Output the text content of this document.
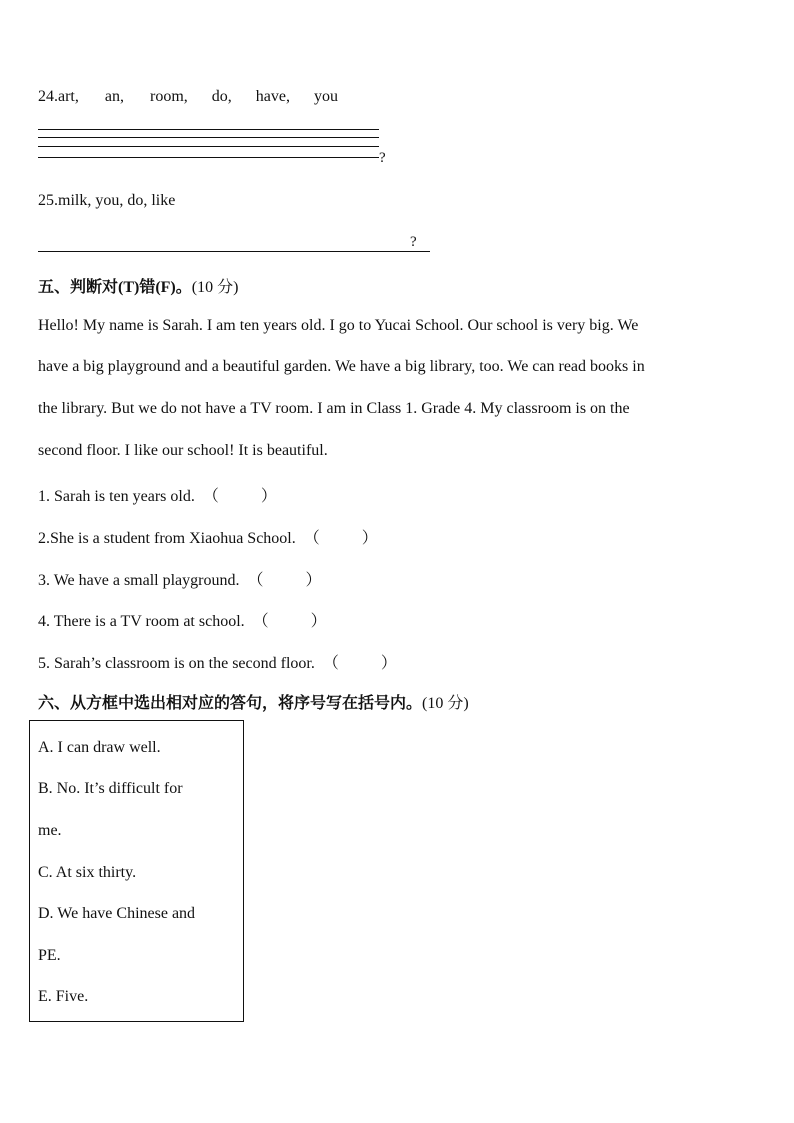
24.art, an, room, do, have, you
?
25.milk, you, do, like
?
五、判断对(T)错(F)。(10 分)
Hello! My name is Sarah. I am ten years old. I go to Yucai School. Our school is very big. We
have a big playground and a beautiful garden. We have a big library, too. We can read books in
the library. But we do not have a TV room. I am in Class 1. Grade 4. My classroom is on the
second floor. I like our school! It is beautiful.
1. Sarah is ten years old. （	）
2.She is a student from Xiaohua School. （	）
3. We have a small playground. （	）
4. There is a TV room at school. （	）
5. Sarah’s classroom is on the second floor. （	）
六、从方框中选出相对应的答句，将序号写在括号内。(10 分)
A. I can draw well.
B. No. It’s difficult for
me.
C. At six thirty.
D. We have Chinese and
PE.
E. Five.
